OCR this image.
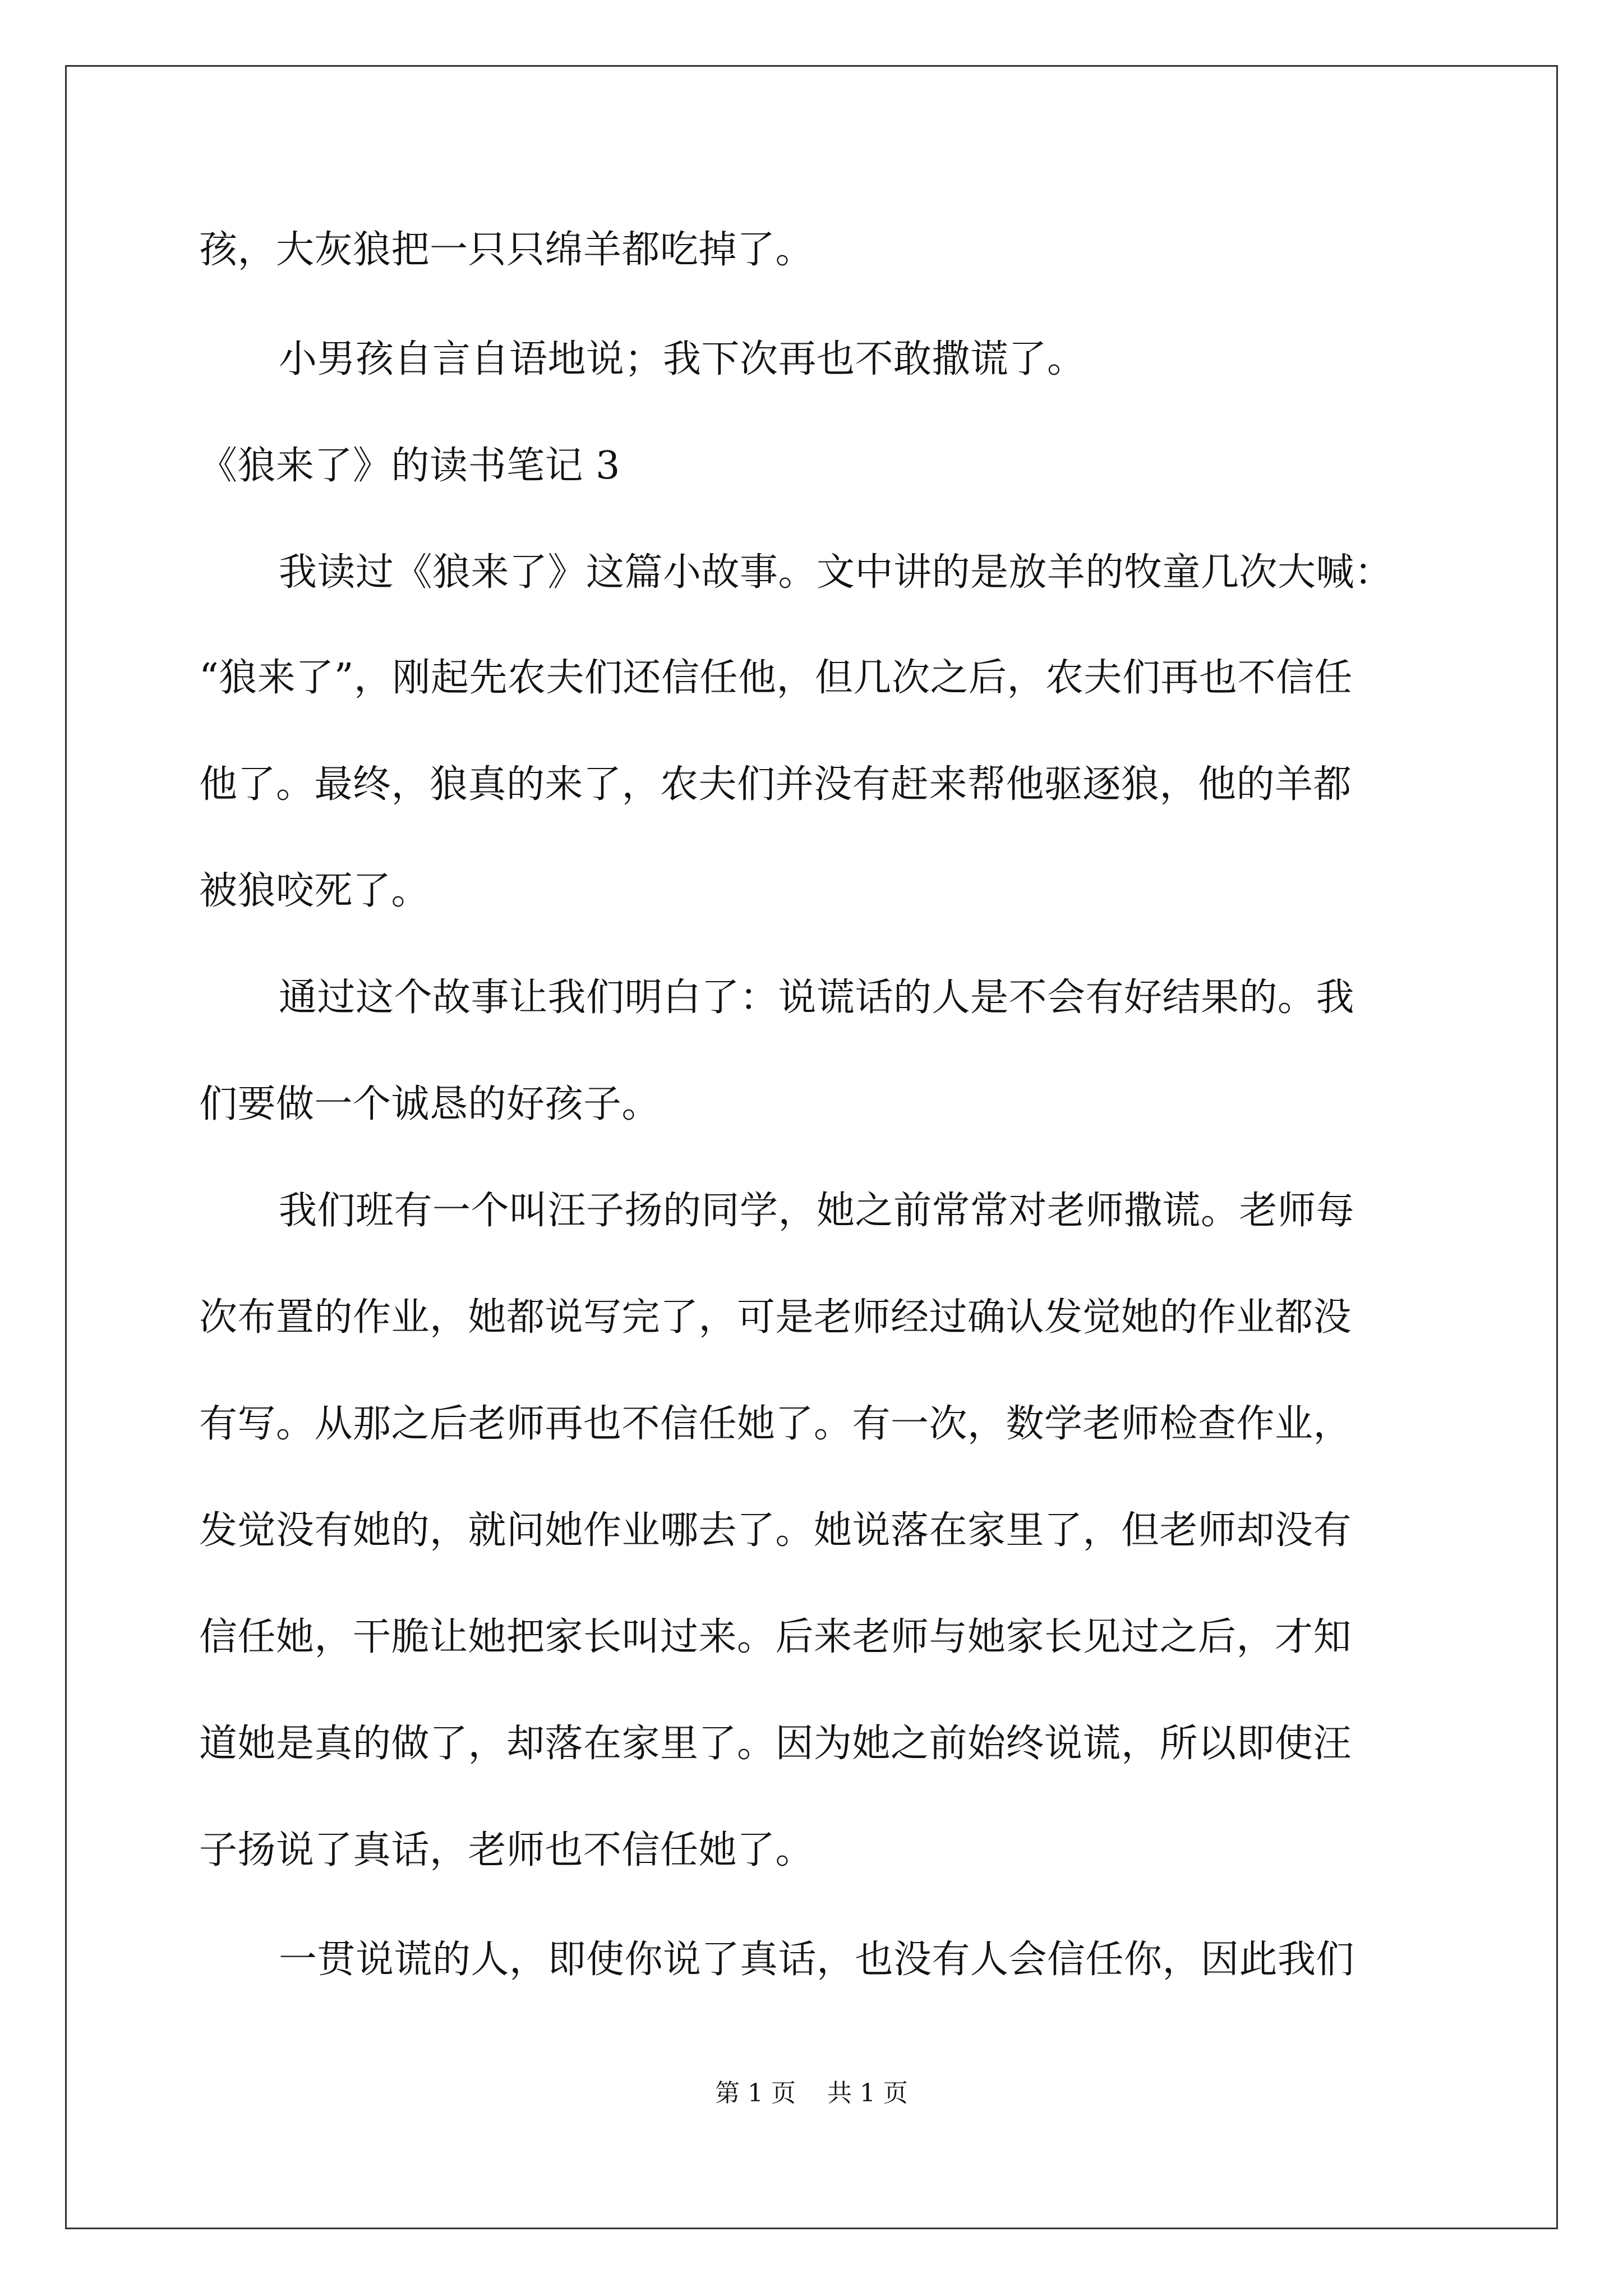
孩，大灰狼把一只只绵羊都吃掉了。
小男孩自言自语地说；我下次再也不敢撒谎了。
《狼来了》的读书笔记 3
我读过《狼来了》这篇小故事。文中讲的是放羊的牧童几次大喊：
“狼来了”，刚起先农夫们还信任他，但几次之后，农夫们再也不信任
他了。最终，狼真的来了，农夫们并没有赶来帮他驱逐狼，他的羊都
被狼咬死了。
通过这个故事让我们明白了：说谎话的人是不会有好结果的。我
们要做一个诚恳的好孩子。
我们班有一个叫汪子扬的同学，她之前常常对老师撒谎。老师每
次布置的作业，她都说写完了，可是老师经过确认发觉她的作业都没
有写。从那之后老师再也不信任她了。有一次，数学老师检查作业，
发觉没有她的，就问她作业哪去了。她说落在家里了，但老师却没有
信任她，干脆让她把家长叫过来。后来老师与她家长见过之后，才知
道她是真的做了，却落在家里了。因为她之前始终说谎，所以即使汪
子扬说了真话，老师也不信任她了。
一贯说谎的人，即使你说了真话，也没有人会信任你，因此我们
第 1 页    共 1 页
